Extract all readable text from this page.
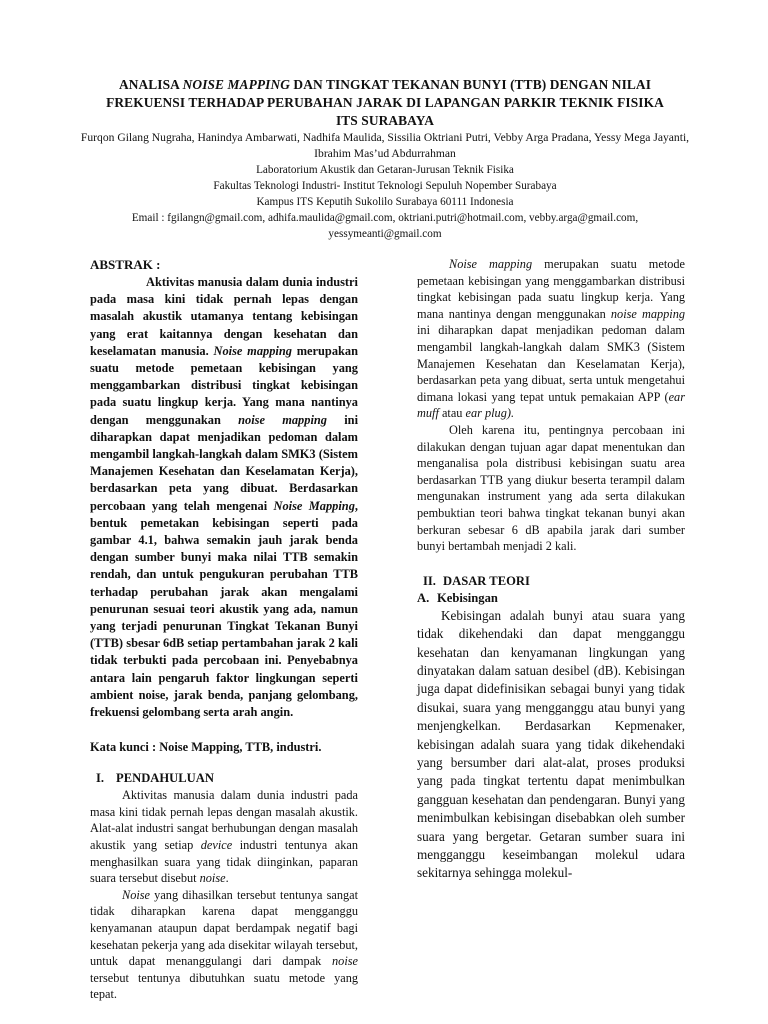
ANALISA NOISE MAPPING DAN TINGKAT TEKANAN BUNYI (TTB) DENGAN NILAI
FREKUENSI TERHADAP PERUBAHAN JARAK DI LAPANGAN PARKIR TEKNIK FISIKA
ITS SURABAYA
Furqon Gilang Nugraha, Hanindya Ambarwati, Nadhifa Maulida, Sissilia Oktriani Putri, Vebby Arga Pradana, Yessy Mega Jayanti, Ibrahim Mas’ud Abdurrahman
Laboratorium Akustik dan Getaran-Jurusan Teknik Fisika
Fakultas Teknologi Industri- Institut Teknologi Sepuluh Nopember Surabaya
Kampus ITS Keputih Sukolilo Surabaya 60111 Indonesia
Email : fgilangn@gmail.com, adhifa.maulida@gmail.com, oktriani.putri@hotmail.com, vebby.arga@gmail.com, yessymeanti@gmail.com
ABSTRAK :

Aktivitas manusia dalam dunia industri pada masa kini tidak pernah lepas dengan masalah akustik utamanya tentang kebisingan yang erat kaitannya dengan kesehatan dan keselamatan manusia. Noise mapping merupakan suatu metode pemetaan kebisingan yang menggambarkan distribusi tingkat kebisingan pada suatu lingkup kerja. Yang mana nantinya dengan menggunakan noise mapping ini diharapkan dapat menjadikan pedoman dalam mengambil langkah-langkah dalam SMK3 (Sistem Manajemen Kesehatan dan Keselamatan Kerja), berdasarkan peta yang dibuat. Berdasarkan percobaan yang telah mengenai Noise Mapping, bentuk pemetakan kebisingan seperti pada gambar 4.1, bahwa semakin jauh jarak benda dengan sumber bunyi maka nilai TTB semakin rendah, dan untuk pengukuran perubahan TTB terhadap perubahan jarak akan mengalami penurunan sesuai teori akustik yang ada, namun yang terjadi penurunan Tingkat Tekanan Bunyi (TTB) sbesar 6dB setiap pertambahan jarak 2 kali tidak terbukti pada percobaan ini. Penyebabnya antara lain pengaruh faktor lingkungan seperti ambient noise, jarak benda, panjang gelombang, frekuensi gelombang serta arah angin.

Kata kunci : Noise Mapping, TTB, industri.
I. PENDAHULUAN

Aktivitas manusia dalam dunia industri pada masa kini tidak pernah lepas dengan masalah akustik. Alat-alat industri sangat berhubungan dengan masalah akustik yang setiap device industri tentunya akan menghasilkan suara yang tidak diinginkan, paparan suara tersebut disebut noise.

Noise yang dihasilkan tersebut tentunya sangat tidak diharapkan karena dapat mengganggu kenyamanan ataupun dapat berdampak negatif bagi kesehatan pekerja yang ada disekitar wilayah tersebut, untuk dapat menanggulangi dari dampak noise tersebut tentunya dibutuhkan suatu metode yang tepat.

Noise mapping merupakan suatu metode pemetaan kebisingan yang menggambarkan distribusi tingkat kebisingan pada suatu lingkup kerja. Yang mana nantinya dengan menggunakan noise mapping ini diharapkan dapat menjadikan pedoman dalam mengambil langkah-langkah dalam SMK3 (Sistem Manajemen Kesehatan dan Keselamatan Kerja), berdasarkan peta yang dibuat, serta untuk mengetahui dimana lokasi yang tepat untuk pemakaian APP (ear muff atau ear plug).

Oleh karena itu, pentingnya percobaan ini dilakukan dengan tujuan agar dapat menentukan dan menganalisa pola distribusi kebisingan suatu area berdasarkan TTB yang diukur beserta terampil dalam mengunakan instrument yang ada serta dilakukan pembuktian teori bahwa tingkat tekanan bunyi akan berkuran sebesar 6 dB apabila jarak dari sumber bunyi bertambah menjadi 2 kali.

II. DASAR TEORI
A. Kebisingan

Kebisingan adalah bunyi atau suara yang tidak dikehendaki dan dapat mengganggu kesehatan dan kenyamanan lingkungan yang dinyatakan dalam satuan desibel (dB). Kebisingan juga dapat didefinisikan sebagai bunyi yang tidak disukai, suara yang mengganggu atau bunyi yang menjengkelkan. Berdasarkan Kepmenaker, kebisingan adalah suara yang tidak dikehendaki yang bersumber dari alat-alat, proses produksi yang pada tingkat tertentu dapat menimbulkan gangguan kesehatan dan pendengaran. Bunyi yang menimbulkan kebisingan disebabkan oleh sumber suara yang bergetar. Getaran sumber suara ini mengganggu keseimbangan molekul udara sekitarnya sehingga molekul-
